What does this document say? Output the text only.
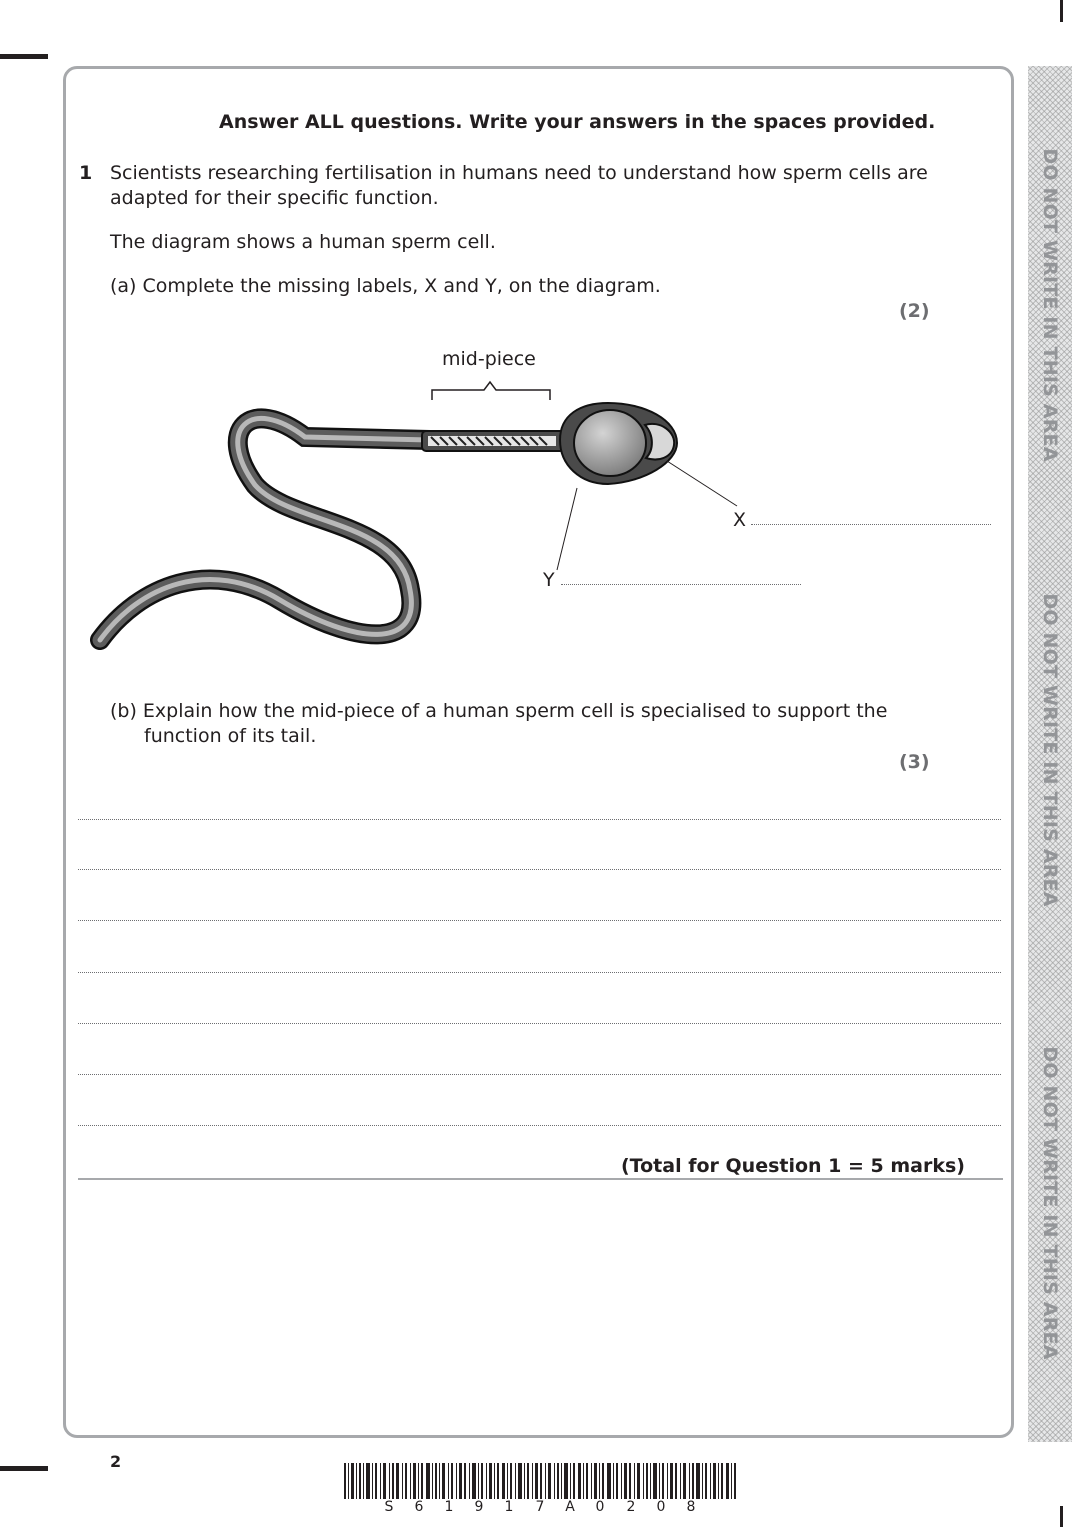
DO NOT WRITE IN THIS AREA
DO NOT WRITE IN THIS AREA
DO NOT WRITE IN THIS AREA
Answer ALL questions. Write your answers in the spaces provided.
1 Scientists researching fertilisation in humans need to understand how sperm cells are
adapted for their specific function.
The diagram shows a human sperm cell.
(a) Complete the missing labels, X and Y, on the diagram.
(2)
mid-piece
X
Y
(b) Explain how the mid-piece of a human sperm cell is specialised to support the
function of its tail.
(3)
(Total for Question 1 = 5 marks)
2
S 6 1 9 1 7 A 0 2 0 8
